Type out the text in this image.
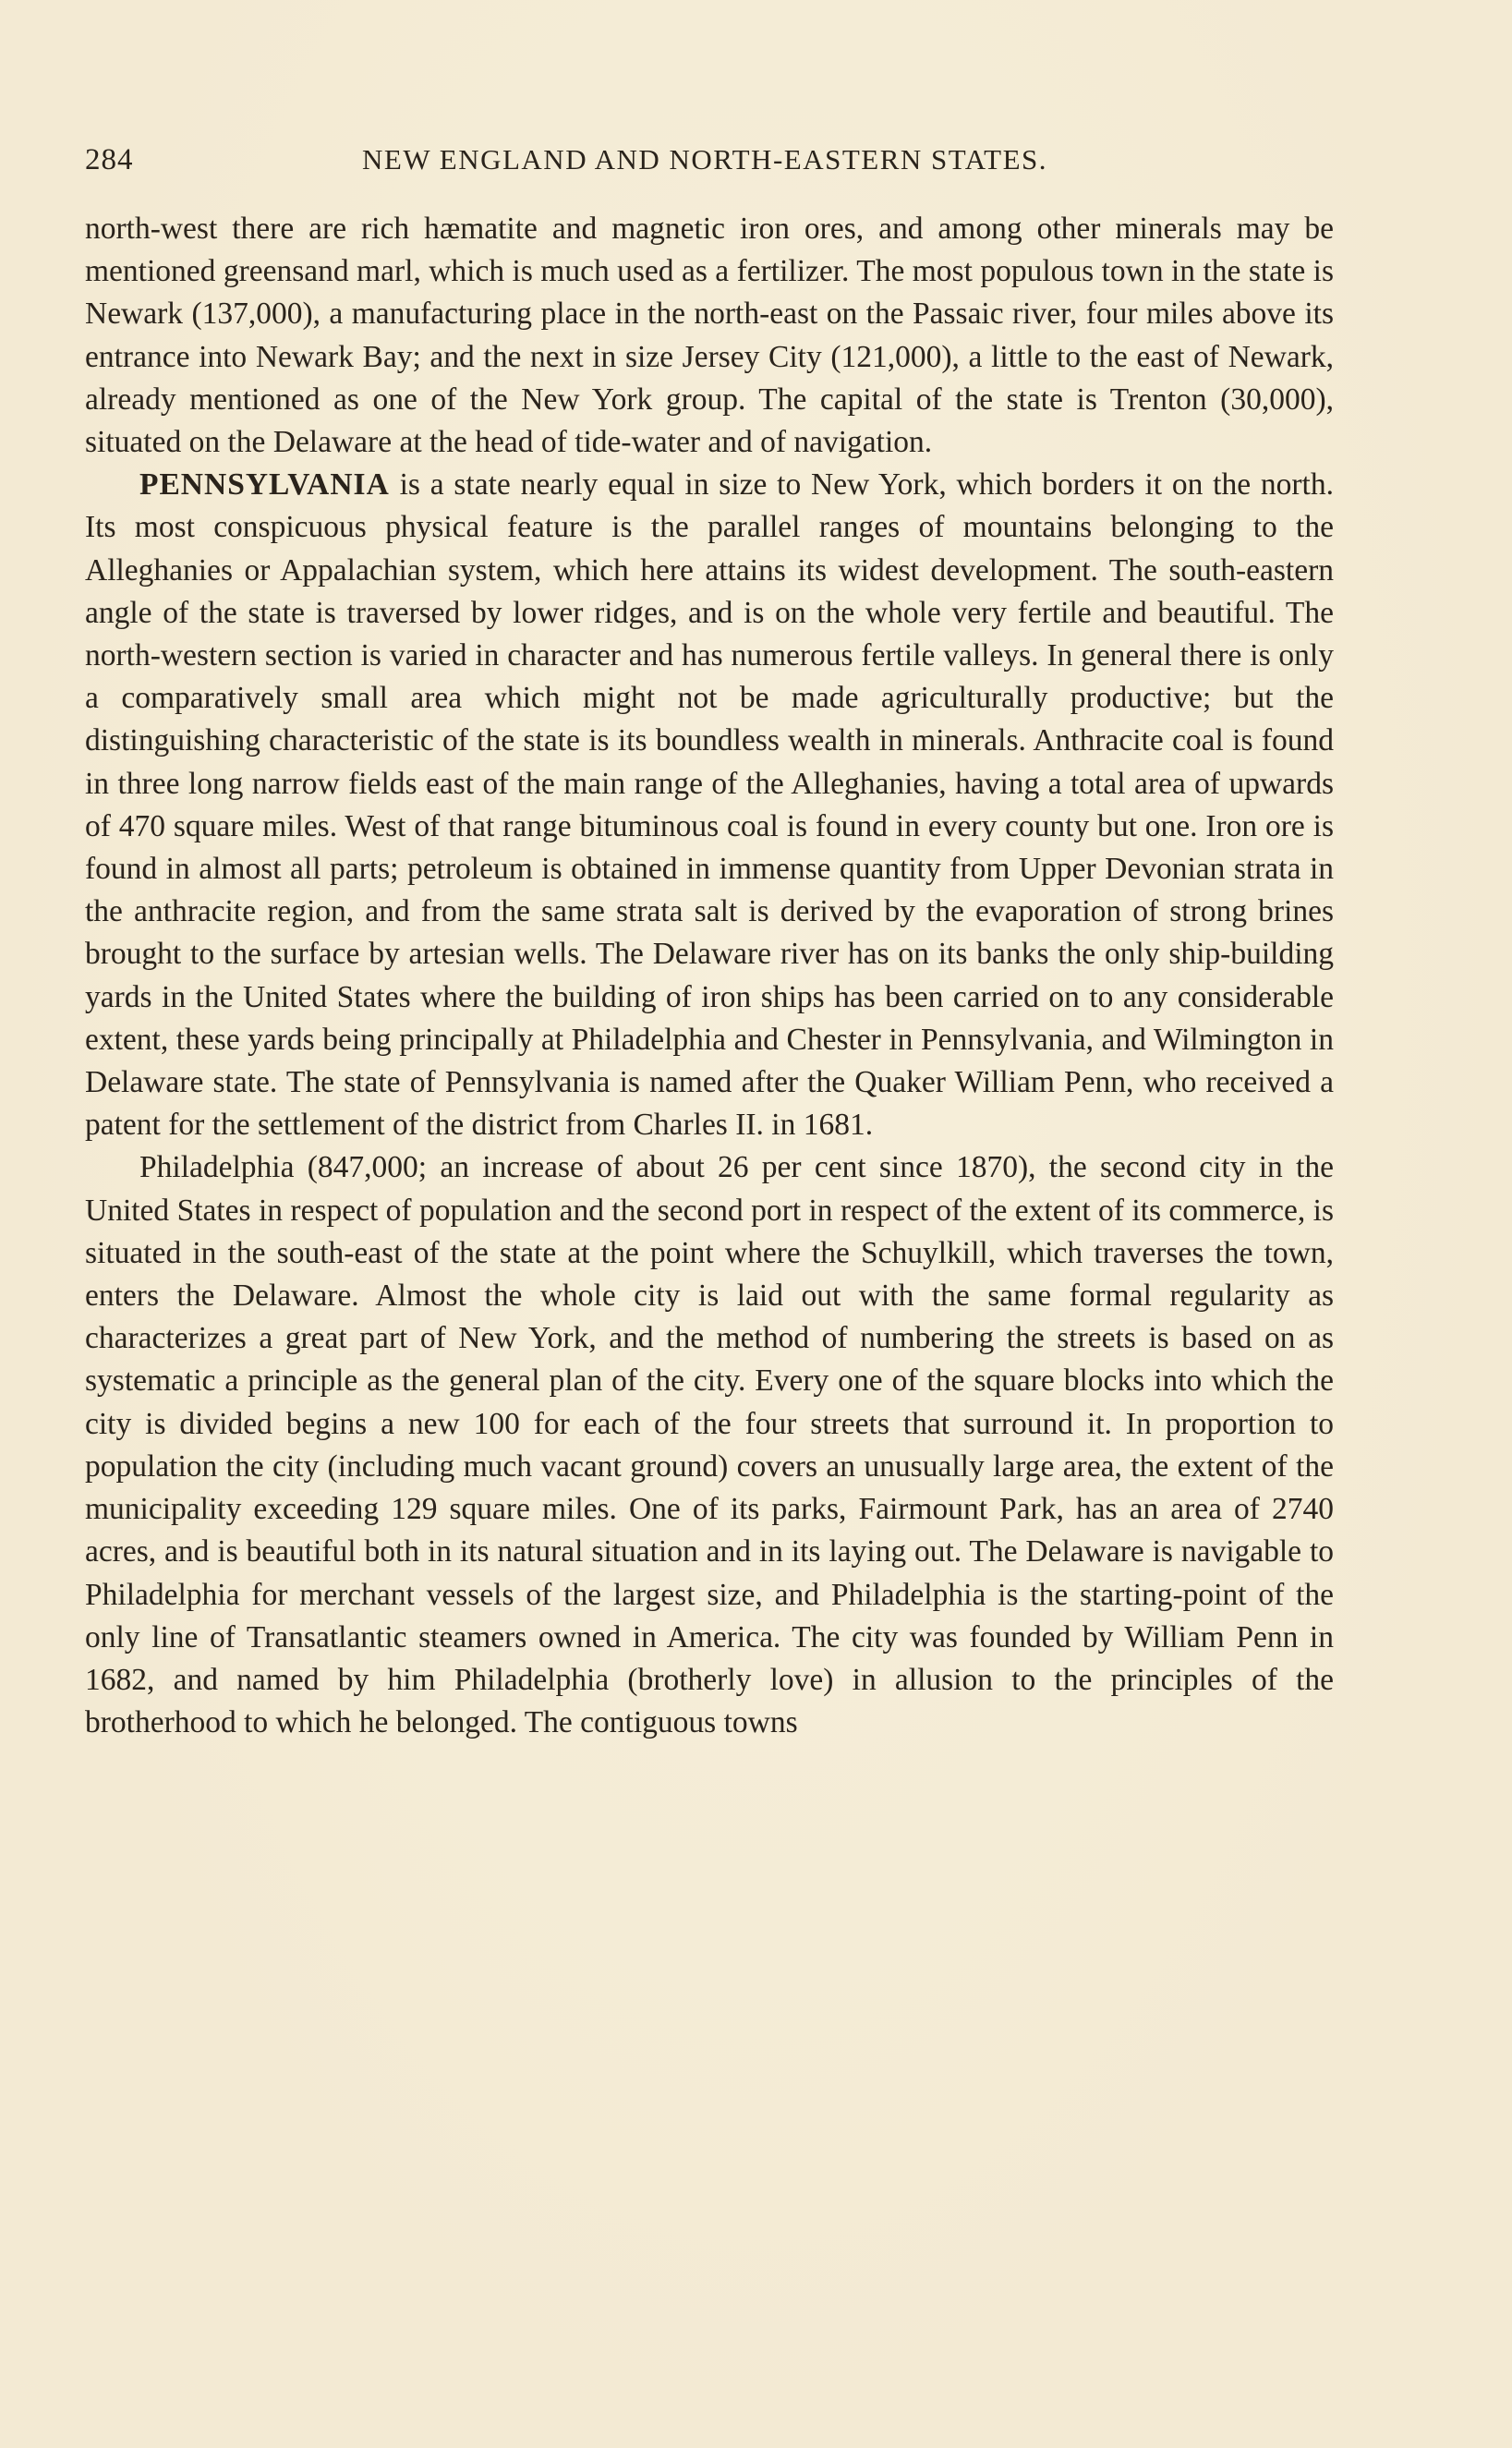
284	NEW ENGLAND AND NORTH-EASTERN STATES.

north-west there are rich hæmatite and magnetic iron ores, and among other minerals may be mentioned greensand marl, which is much used as a fertilizer. The most populous town in the state is Newark (137,000), a manufacturing place in the north-east on the Passaic river, four miles above its entrance into Newark Bay; and the next in size Jersey City (121,000), a little to the east of Newark, already mentioned as one of the New York group. The capital of the state is Trenton (30,000), situated on the Delaware at the head of tide-water and of navigation.

PENNSYLVANIA is a state nearly equal in size to New York, which borders it on the north. Its most conspicuous physical feature is the parallel ranges of mountains belonging to the Alleghanies or Appalachian system, which here attains its widest development. The south-eastern angle of the state is traversed by lower ridges, and is on the whole very fertile and beautiful. The north-western section is varied in character and has numerous fertile valleys. In general there is only a comparatively small area which might not be made agriculturally productive; but the distinguishing characteristic of the state is its boundless wealth in minerals. Anthracite coal is found in three long narrow fields east of the main range of the Alleghanies, having a total area of upwards of 470 square miles. West of that range bituminous coal is found in every county but one. Iron ore is found in almost all parts; petroleum is obtained in immense quantity from Upper Devonian strata in the anthracite region, and from the same strata salt is derived by the evaporation of strong brines brought to the surface by artesian wells. The Delaware river has on its banks the only ship-building yards in the United States where the building of iron ships has been carried on to any considerable extent, these yards being principally at Philadelphia and Chester in Pennsylvania, and Wilmington in Delaware state. The state of Pennsylvania is named after the Quaker William Penn, who received a patent for the settlement of the district from Charles II. in 1681.

Philadelphia (847,000; an increase of about 26 per cent since 1870), the second city in the United States in respect of population and the second port in respect of the extent of its commerce, is situated in the south-east of the state at the point where the Schuylkill, which traverses the town, enters the Delaware. Almost the whole city is laid out with the same formal regularity as characterizes a great part of New York, and the method of numbering the streets is based on as systematic a principle as the general plan of the city. Every one of the square blocks into which the city is divided begins a new 100 for each of the four streets that surround it. In proportion to population the city (including much vacant ground) covers an unusually large area, the extent of the municipality exceeding 129 square miles. One of its parks, Fairmount Park, has an area of 2740 acres, and is beautiful both in its natural situation and in its laying out. The Delaware is navigable to Philadelphia for merchant vessels of the largest size, and Philadelphia is the starting-point of the only line of Transatlantic steamers owned in America. The city was founded by William Penn in 1682, and named by him Philadelphia (brotherly love) in allusion to the principles of the brotherhood to which he belonged. The contiguous towns
